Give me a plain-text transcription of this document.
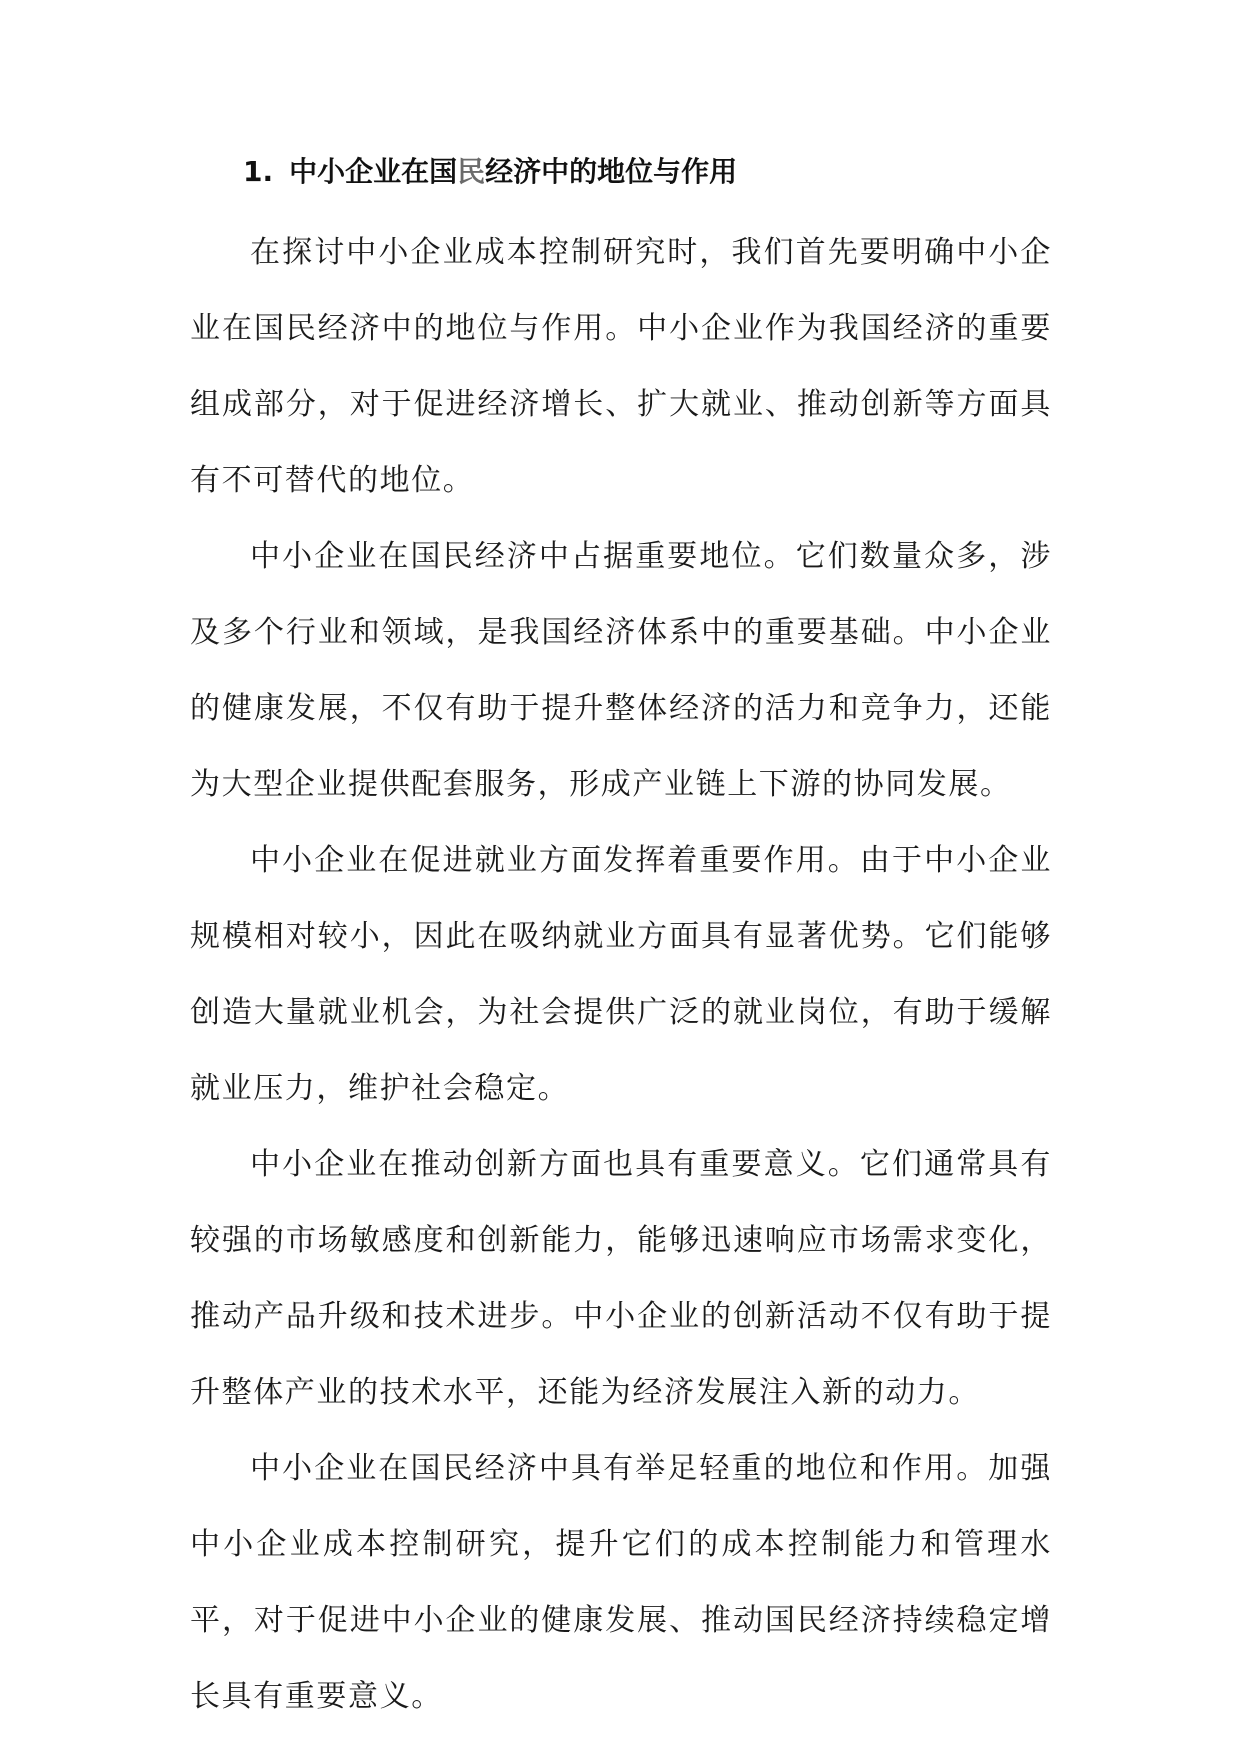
1. 中小企业在国民经济中的地位与作用

在探讨中小企业成本控制研究时，我们首先要明确中小企业在国民经济中的地位与作用。中小企业作为我国经济的重要组成部分，对于促进经济增长、扩大就业、推动创新等方面具有不可替代的地位。

中小企业在国民经济中占据重要地位。它们数量众多，涉及多个行业和领域，是我国经济体系中的重要基础。中小企业的健康发展，不仅有助于提升整体经济的活力和竞争力，还能为大型企业提供配套服务，形成产业链上下游的协同发展。

中小企业在促进就业方面发挥着重要作用。由于中小企业规模相对较小，因此在吸纳就业方面具有显著优势。它们能够创造大量就业机会，为社会提供广泛的就业岗位，有助于缓解就业压力，维护社会稳定。

中小企业在推动创新方面也具有重要意义。它们通常具有较强的市场敏感度和创新能力，能够迅速响应市场需求变化，推动产品升级和技术进步。中小企业的创新活动不仅有助于提升整体产业的技术水平，还能为经济发展注入新的动力。

中小企业在国民经济中具有举足轻重的地位和作用。加强中小企业成本控制研究，提升它们的成本控制能力和管理水平，对于促进中小企业的健康发展、推动国民经济持续稳定增长具有重要意义。
